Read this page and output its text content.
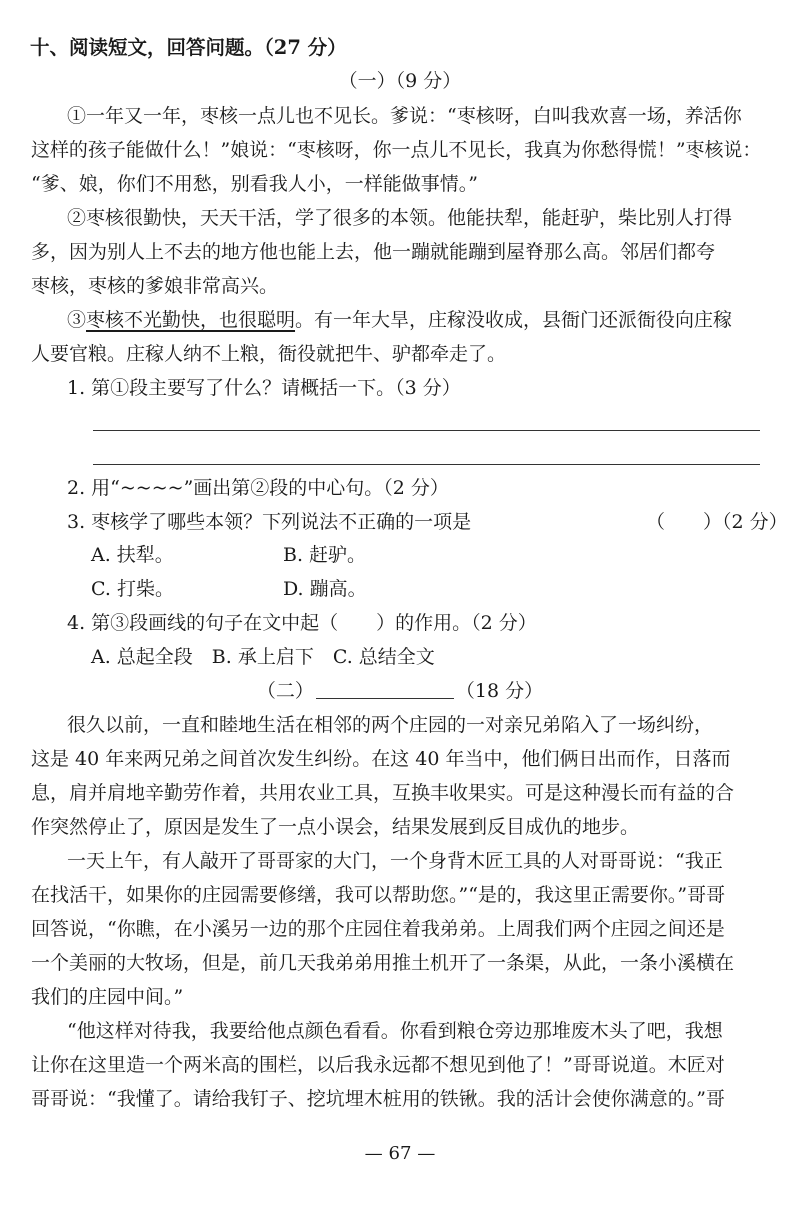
十、阅读短文，回答问题。（27 分）
（一）（9 分）
①一年又一年，枣核一点儿也不见长。爹说：“枣核呀，白叫我欢喜一场，养活你
这样的孩子能做什么！”娘说：“枣核呀，你一点儿不见长，我真为你愁得慌！”枣核说：
“爹、娘，你们不用愁，别看我人小，一样能做事情。”
②枣核很勤快，天天干活，学了很多的本领。他能扶犁，能赶驴，柴比别人打得
多，因为别人上不去的地方他也能上去，他一蹦就能蹦到屋脊那么高。邻居们都夸
枣核，枣核的爹娘非常高兴。
③枣核不光勤快，也很聪明。有一年大旱，庄稼没收成，县衙门还派衙役向庄稼
人要官粮。庄稼人纳不上粮，衙役就把牛、驴都牵走了。
1. 第①段主要写了什么？请概括一下。（3 分）
2. 用“~~~~”画出第②段的中心句。（2 分）
3. 枣核学了哪些本领？下列说法不正确的一项是	（　　）（2 分）
A. 扶犁。	B. 赶驴。
C. 打柴。	D. 蹦高。
4. 第③段画线的句子在文中起（　　）的作用。（2 分）
A. 总起全段　B. 承上启下　C. 总结全文
（二）	（18 分）
很久以前，一直和睦地生活在相邻的两个庄园的一对亲兄弟陷入了一场纠纷，
这是 40 年来两兄弟之间首次发生纠纷。在这 40 年当中，他们俩日出而作，日落而
息，肩并肩地辛勤劳作着，共用农业工具，互换丰收果实。可是这种漫长而有益的合
作突然停止了，原因是发生了一点小误会，结果发展到反目成仇的地步。
一天上午，有人敲开了哥哥家的大门，一个身背木匠工具的人对哥哥说：“我正
在找活干，如果你的庄园需要修缮，我可以帮助您。”“是的，我这里正需要你。”哥哥
回答说，“你瞧，在小溪另一边的那个庄园住着我弟弟。上周我们两个庄园之间还是
一个美丽的大牧场，但是，前几天我弟弟用推土机开了一条渠，从此，一条小溪横在
我们的庄园中间。”
“他这样对待我，我要给他点颜色看看。你看到粮仓旁边那堆废木头了吧，我想
让你在这里造一个两米高的围栏，以后我永远都不想见到他了！”哥哥说道。木匠对
哥哥说：“我懂了。请给我钉子、挖坑埋木桩用的铁锹。我的活计会使你满意的。”哥
— 67 —
